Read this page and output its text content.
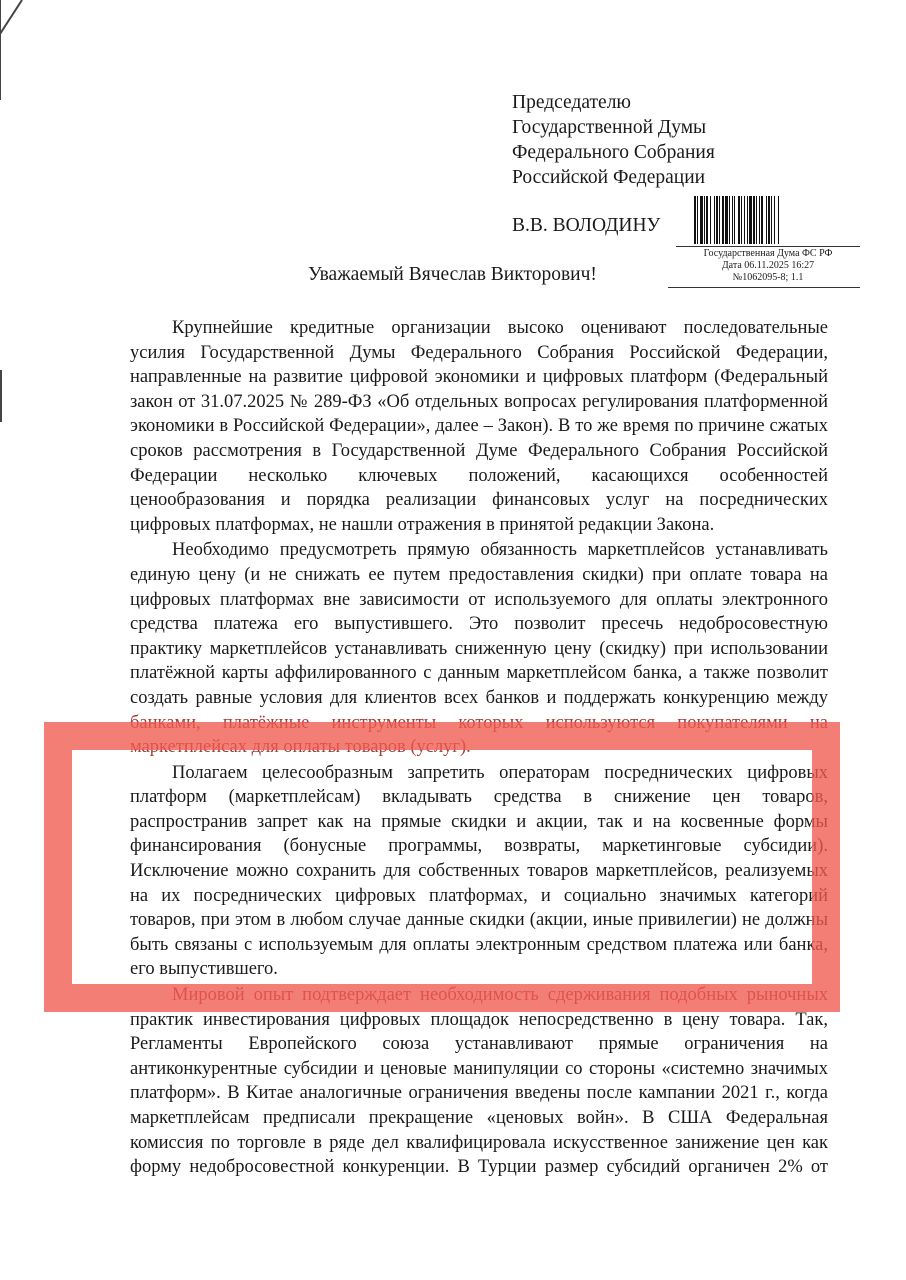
Председателю
Государственной Думы
Федерального Собрания
Российской Федерации
В.В. ВОЛОДИНУ
Государственная Дума ФС РФ
Дата 06.11.2025 16:27
№1062095-8; 1.1
Уважаемый Вячеслав Викторович!

Крупнейшие кредитные организации высоко оценивают последовательные
усилия Государственной Думы Федерального Собрания Российской Федерации,
направленные на развитие цифровой экономики и цифровых платформ (Федеральный
закон от 31.07.2025 № 289-ФЗ «Об отдельных вопросах регулирования платформенной
экономики в Российской Федерации», далее – Закон). В то же время по причине сжатых
сроков рассмотрения в Государственной Думе Федерального Собрания Российской
Федерации несколько ключевых положений, касающихся особенностей
ценообразования и порядка реализации финансовых услуг на посреднических
цифровых платформах, не нашли отражения в принятой редакции Закона.

Необходимо предусмотреть прямую обязанность маркетплейсов устанавливать
единую цену (и не снижать ее путем предоставления скидки) при оплате товара на
цифровых платформах вне зависимости от используемого для оплаты электронного
средства платежа его выпустившего. Это позволит пресечь недобросовестную
практику маркетплейсов устанавливать сниженную цену (скидку) при использовании
платёжной карты аффилированного с данным маркетплейсом банка, а также позволит
создать равные условия для клиентов всех банков и поддержать конкуренцию между
банками, платёжные инструменты которых используются покупателями на
маркетплейсах для оплаты товаров (услуг).

Полагаем целесообразным запретить операторам посреднических цифровых
платформ (маркетплейсам) вкладывать средства в снижение цен товаров,
распространив запрет как на прямые скидки и акции, так и на косвенные формы
финансирования (бонусные программы, возвраты, маркетинговые субсидии).
Исключение можно сохранить для собственных товаров маркетплейсов, реализуемых
на их посреднических цифровых платформах, и социально значимых категорий
товаров, при этом в любом случае данные скидки (акции, иные привилегии) не должны
быть связаны с используемым для оплаты электронным средством платежа или банка,
его выпустившего.

Мировой опыт подтверждает необходимость сдерживания подобных рыночных
практик инвестирования цифровых площадок непосредственно в цену товара. Так,
Регламенты Европейского союза устанавливают прямые ограничения на
антиконкурентные субсидии и ценовые манипуляции со стороны «системно значимых
платформ». В Китае аналогичные ограничения введены после кампании 2021 г., когда
маркетплейсам предписали прекращение «ценовых войн». В США Федеральная
комиссия по торговле в ряде дел квалифицировала искусственное занижение цен как
форму недобросовестной конкуренции. В Турции размер субсидий органичен 2% от
